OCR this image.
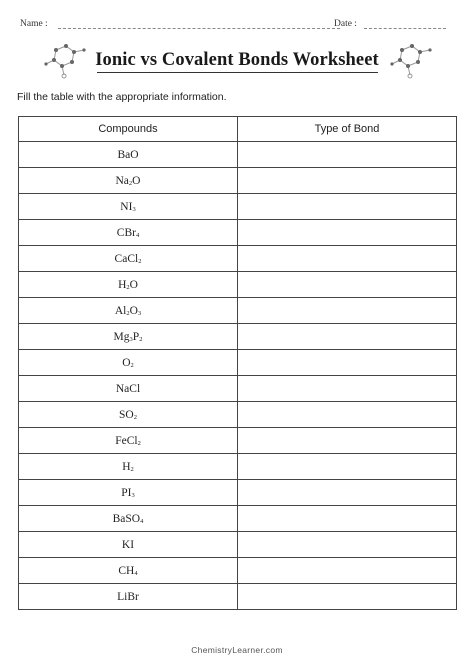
Name :	Date :
Ionic vs Covalent Bonds Worksheet
Fill the table with the appropriate information.
Compounds	Type of Bond
BaO	
$Na_2O$	
$NI_3$	
CBr$_4$	
CaCl$_2$	
$H_2O$	
$Al_2O_3$	
$Mg_3P_2$	
$O_2$	
NaCl	
$SO_2$	
FeCl$_2$	
$H_2$	
$PI_3$	
BaSO$_4$	
KI	
$CH_4$	
LiBr	
ChemistryLearner.com
